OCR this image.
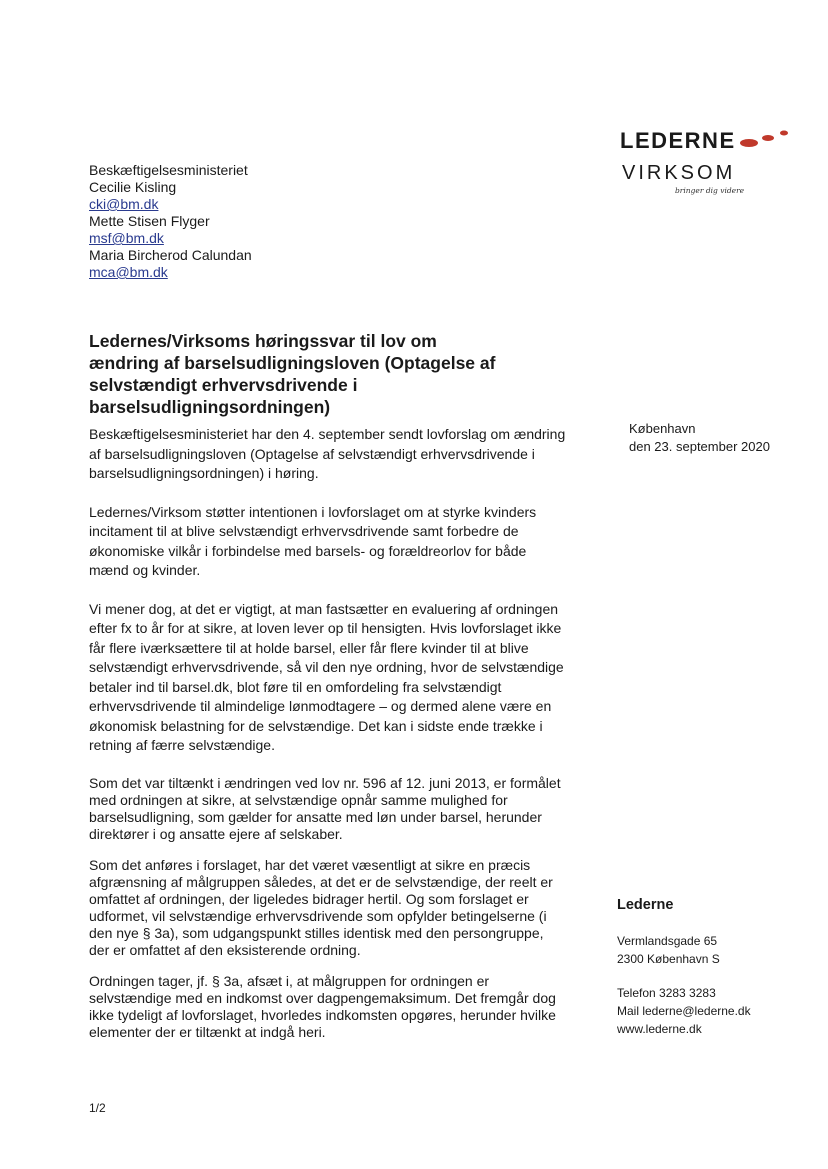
LEDERNE
VIRKSOM
bringer dig videre
Beskæftigelsesministeriet
Cecilie Kisling
cki@bm.dk
Mette Stisen Flyger
msf@bm.dk
Maria Bircherod Calundan
mca@bm.dk
Ledernes/Virksoms høringssvar til lov om ændring af barselsudligningsloven (Optagelse af selvstændigt erhvervsdrivende i barselsudligningsordningen)
København
den 23. september 2020

Beskæftigelsesministeriet har den 4. september sendt lovforslag om ændring af barselsudligningsloven (Optagelse af selvstændigt erhvervsdrivende i barselsudligningsordningen) i høring.

Ledernes/Virksom støtter intentionen i lovforslaget om at styrke kvinders incitament til at blive selvstændigt erhvervsdrivende samt forbedre de økonomiske vilkår i forbindelse med barsels- og forældreorlov for både mænd og kvinder.

Vi mener dog, at det er vigtigt, at man fastsætter en evaluering af ordningen efter fx to år for at sikre, at loven lever op til hensigten. Hvis lovforslaget ikke får flere iværksættere til at holde barsel, eller får flere kvinder til at blive selvstændigt erhvervsdrivende, så vil den nye ordning, hvor de selvstændige betaler ind til barsel.dk, blot føre til en omfordeling fra selvstændigt erhvervsdrivende til almindelige lønmodtagere – og dermed alene være en økonomisk belastning for de selvstændige. Det kan i sidste ende trække i retning af færre selvstændige.

Som det var tiltænkt i ændringen ved lov nr. 596 af 12. juni 2013, er formålet med ordningen at sikre, at selvstændige opnår samme mulighed for barselsudligning, som gælder for ansatte med løn under barsel, herunder direktører i og ansatte ejere af selskaber.

Som det anføres i forslaget, har det været væsentligt at sikre en præcis afgrænsning af målgruppen således, at det er de selvstændige, der reelt er omfattet af ordningen, der ligeledes bidrager hertil. Og som forslaget er udformet, vil selvstændige erhvervsdrivende som opfylder betingelserne (i den nye § 3a), som udgangspunkt stilles identisk med den persongruppe, der er omfattet af den eksisterende ordning.

Ordningen tager, jf. § 3a, afsæt i, at målgruppen for ordningen er selvstændige med en indkomst over dagpengemaksimum. Det fremgår dog ikke tydeligt af lovforslaget, hvorledes indkomsten opgøres, herunder hvilke elementer der er tiltænkt at indgå heri.

Lederne
Vermlandsgade 65
2300 København S
Telefon 3283 3283
Mail lederne@lederne.dk
www.lederne.dk
1/2
